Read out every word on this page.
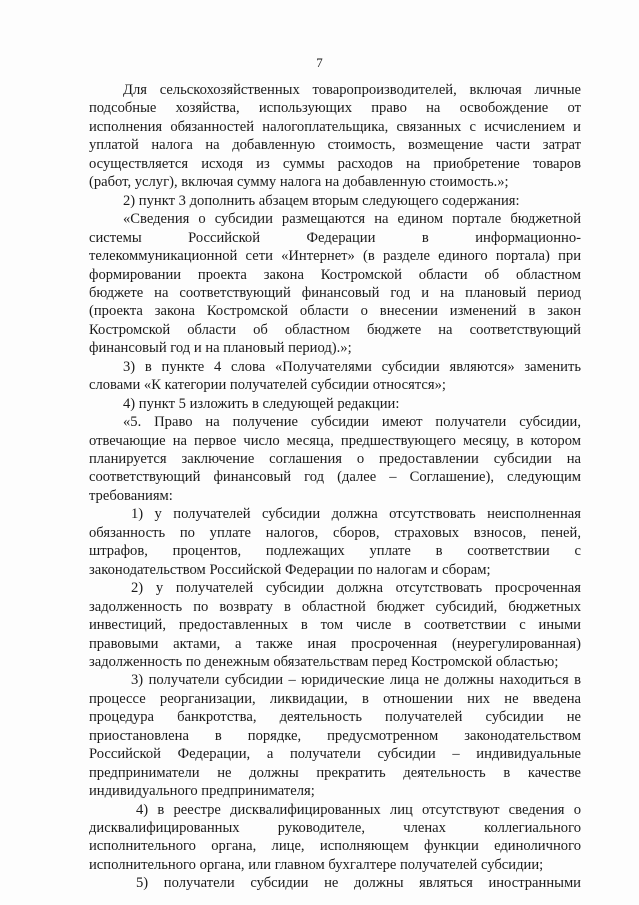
7
Для сельскохозяйственных товаропроизводителей, включая личные
подсобные хозяйства, использующих право на освобождение от
исполнения обязанностей налогоплательщика, связанных с исчислением и
уплатой налога на добавленную стоимость, возмещение части затрат
осуществляется исходя из суммы расходов на приобретение товаров
(работ, услуг), включая сумму налога на добавленную стоимость.»;
2) пункт 3 дополнить абзацем вторым следующего содержания:
«Сведения о субсидии размещаются на едином портале бюджетной
системы Российской Федерации в информационно-
телекоммуникационной сети «Интернет» (в разделе единого портала) при
формировании проекта закона Костромской области об областном
бюджете на соответствующий финансовый год и на плановый период
(проекта закона Костромской области о внесении изменений в закон
Костромской области об областном бюджете на соответствующий
финансовый год и на плановый период).»;
3) в пункте 4 слова «Получателями субсидии являются» заменить
словами «К категории получателей субсидии относятся»;
4) пункт 5 изложить в следующей редакции:
«5. Право на получение субсидии имеют получатели субсидии,
отвечающие на первое число месяца, предшествующего месяцу, в котором
планируется заключение соглашения о предоставлении субсидии на
соответствующий финансовый год (далее – Соглашение), следующим
требованиям:
1) у получателей субсидии должна отсутствовать неисполненная
обязанность по уплате налогов, сборов, страховых взносов, пеней,
штрафов, процентов, подлежащих уплате в соответствии с
законодательством Российской Федерации по налогам и сборам;
2) у получателей субсидии должна отсутствовать просроченная
задолженность по возврату в областной бюджет субсидий, бюджетных
инвестиций, предоставленных в том числе в соответствии с иными
правовыми актами, а также иная просроченная (неурегулированная)
задолженность по денежным обязательствам перед Костромской областью;
3) получатели субсидии – юридические лица не должны находиться в
процессе реорганизации, ликвидации, в отношении них не введена
процедура банкротства, деятельность получателей субсидии не
приостановлена в порядке, предусмотренном законодательством
Российской Федерации, а получатели субсидии – индивидуальные
предприниматели не должны прекратить деятельность в качестве
индивидуального предпринимателя;
4) в реестре дисквалифицированных лиц отсутствуют сведения о
дисквалифицированных руководителе, членах коллегиального
исполнительного органа, лице, исполняющем функции единоличного
исполнительного органа, или главном бухгалтере получателей субсидии;
5) получатели субсидии не должны являться иностранными
